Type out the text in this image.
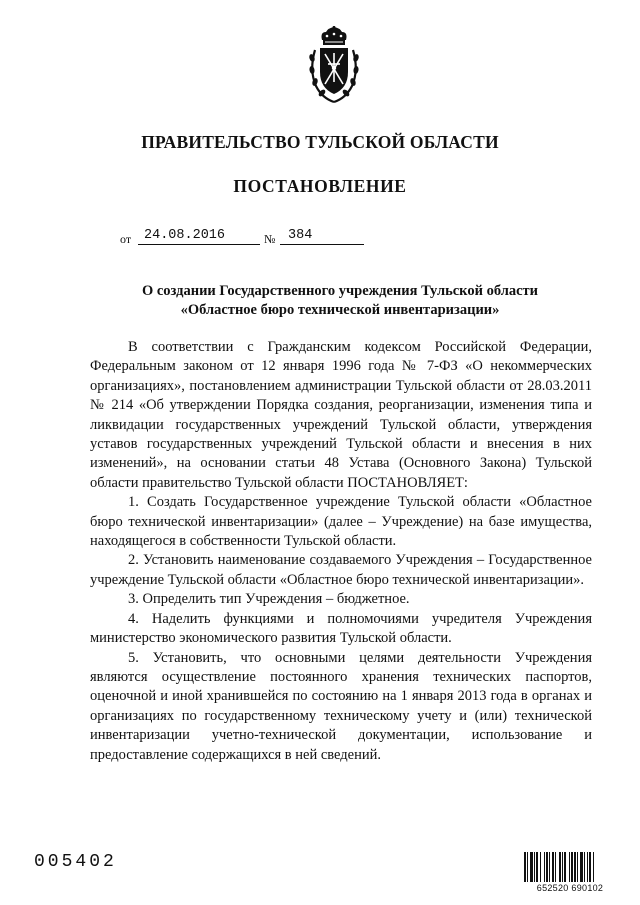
ПРАВИТЕЛЬСТВО ТУЛЬСКОЙ ОБЛАСТИ
ПОСТАНОВЛЕНИЕ
от 24.08.2016	№ 384
О создании Государственного учреждения Тульской области
«Областное бюро технической инвентаризации»

В соответствии с Гражданским кодексом Российской Федерации, Федеральным законом от 12 января 1996 года № 7-ФЗ «О некоммерческих организациях», постановлением администрации Тульской области от 28.03.2011 № 214 «Об утверждении Порядка создания, реорганизации, изменения типа и ликвидации государственных учреждений Тульской области, утверждения уставов государственных учреждений Тульской области и внесения в них изменений», на основании статьи 48 Устава (Основного Закона) Тульской области правительство Тульской области ПОСТАНОВЛЯЕТ:

1. Создать Государственное учреждение Тульской области «Областное бюро технической инвентаризации» (далее – Учреждение) на базе имущества, находящегося в собственности Тульской области.

2. Установить наименование создаваемого Учреждения – Государственное учреждение Тульской области «Областное бюро технической инвентаризации».

3. Определить тип Учреждения – бюджетное.

4. Наделить функциями и полномочиями учредителя Учреждения министерство экономического развития Тульской области.

5. Установить, что основными целями деятельности Учреждения являются осуществление постоянного хранения технических паспортов, оценочной и иной хранившейся по состоянию на 1 января 2013 года в органах и организациях по государственному техническому учету и (или) технической инвентаризации учетно-технической документации, использование и предоставление содержащихся в ней сведений.

005402
652520 690102
